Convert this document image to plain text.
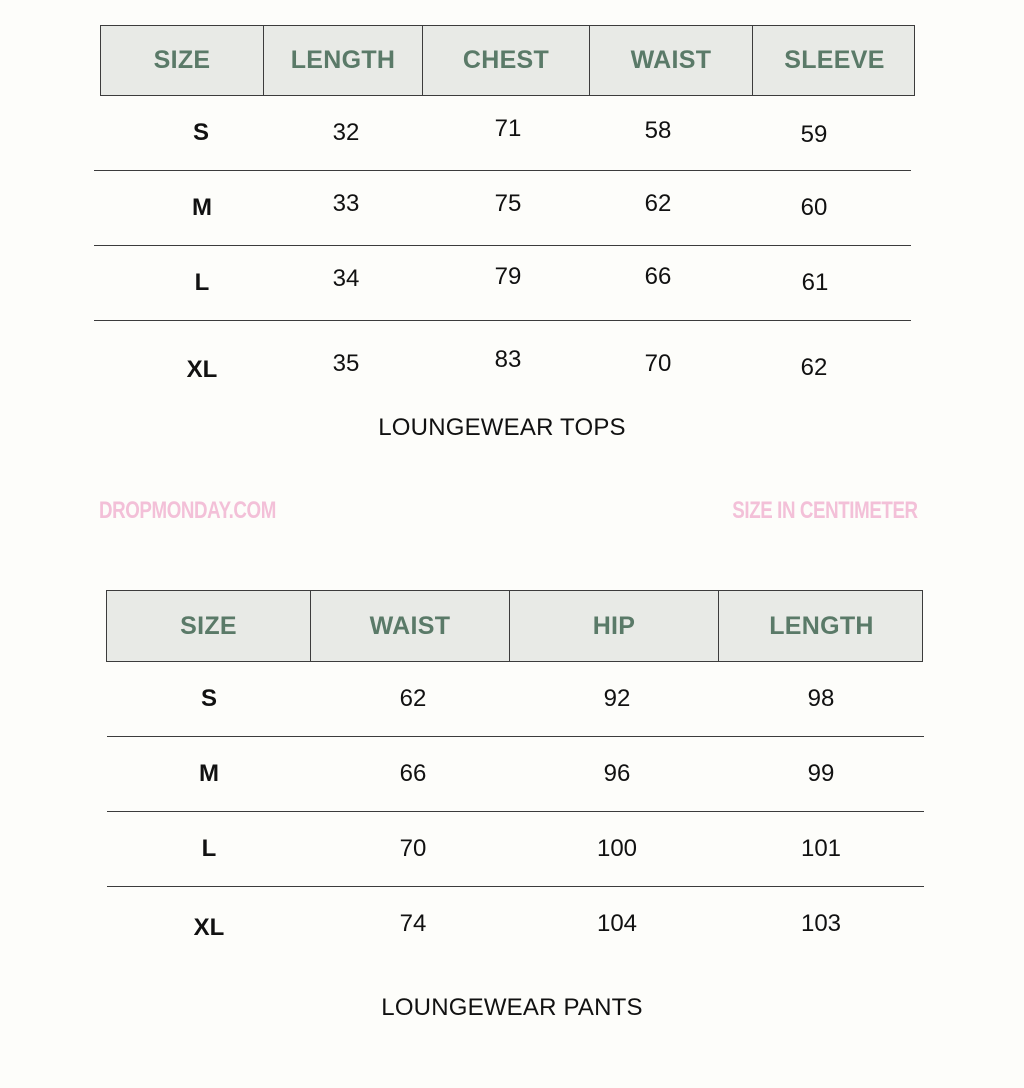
SIZE	LENGTH	CHEST	WAIST	SLEEVE
S	32	71	58	59
M	33	75	62	60
L	34	79	66	61
XL	35	83	70	62
LOUNGEWEAR TOPS
DROPMONDAY.COM	SIZE IN CENTIMETER
SIZE	WAIST	HIP	LENGTH
S	62	92	98
M	66	96	99
L	70	100	101
XL	74	104	103
LOUNGEWEAR PANTS
